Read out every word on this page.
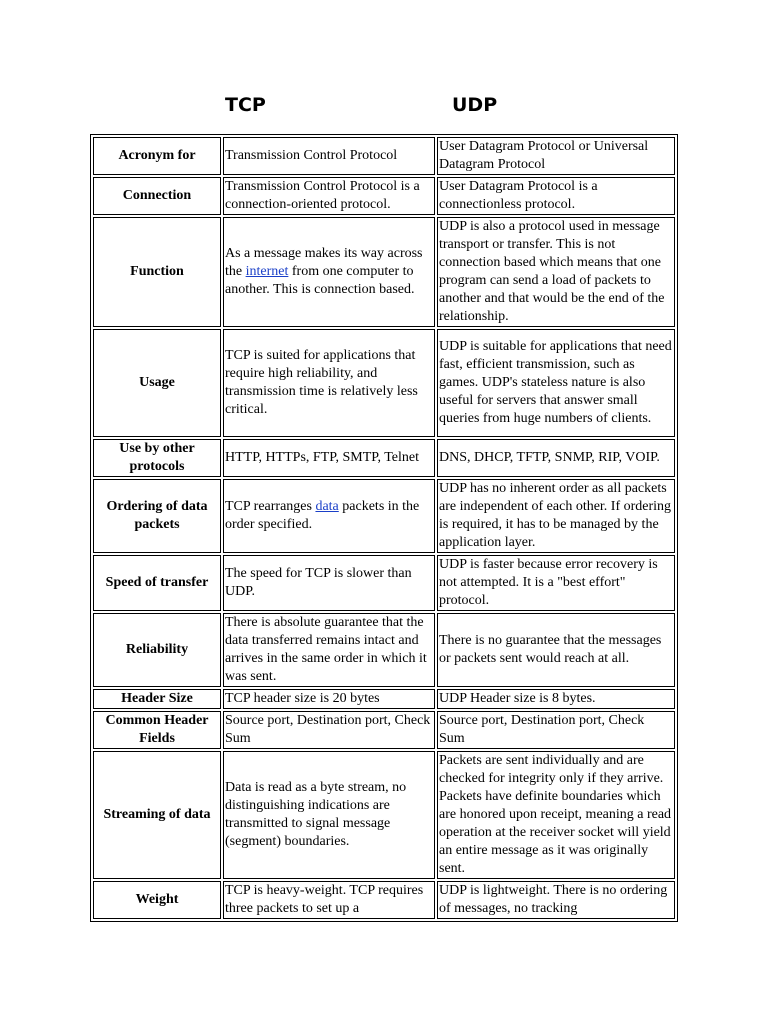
TCP	UDP
Acronym for	Transmission Control Protocol	User Datagram Protocol or Universal Datagram Protocol
Connection	Transmission Control Protocol is a connection-oriented protocol.	User Datagram Protocol is a connectionless protocol.
Function	As a message makes its way across the internet from one computer to another. This is connection based.	UDP is also a protocol used in message transport or transfer. This is not connection based which means that one program can send a load of packets to another and that would be the end of the relationship.
Usage	TCP is suited for applications that require high reliability, and transmission time is relatively less critical.	UDP is suitable for applications that need fast, efficient transmission, such as games. UDP's stateless nature is also useful for servers that answer small queries from huge numbers of clients.
Use by other protocols	HTTP, HTTPs, FTP, SMTP, Telnet	DNS, DHCP, TFTP, SNMP, RIP, VOIP.
Ordering of data packets	TCP rearranges data packets in the order specified.	UDP has no inherent order as all packets are independent of each other. If ordering is required, it has to be managed by the application layer.
Speed of transfer	The speed for TCP is slower than UDP.	UDP is faster because error recovery is not attempted. It is a "best effort" protocol.
Reliability	There is absolute guarantee that the data transferred remains intact and arrives in the same order in which it was sent.	There is no guarantee that the messages or packets sent would reach at all.
Header Size	TCP header size is 20 bytes	UDP Header size is 8 bytes.
Common Header Fields	Source port, Destination port, Check Sum	Source port, Destination port, Check Sum
Streaming of data	Data is read as a byte stream, no distinguishing indications are transmitted to signal message (segment) boundaries.	Packets are sent individually and are checked for integrity only if they arrive. Packets have definite boundaries which are honored upon receipt, meaning a read operation at the receiver socket will yield an entire message as it was originally sent.
Weight	TCP is heavy-weight. TCP requires three packets to set up a	UDP is lightweight. There is no ordering of messages, no tracking
